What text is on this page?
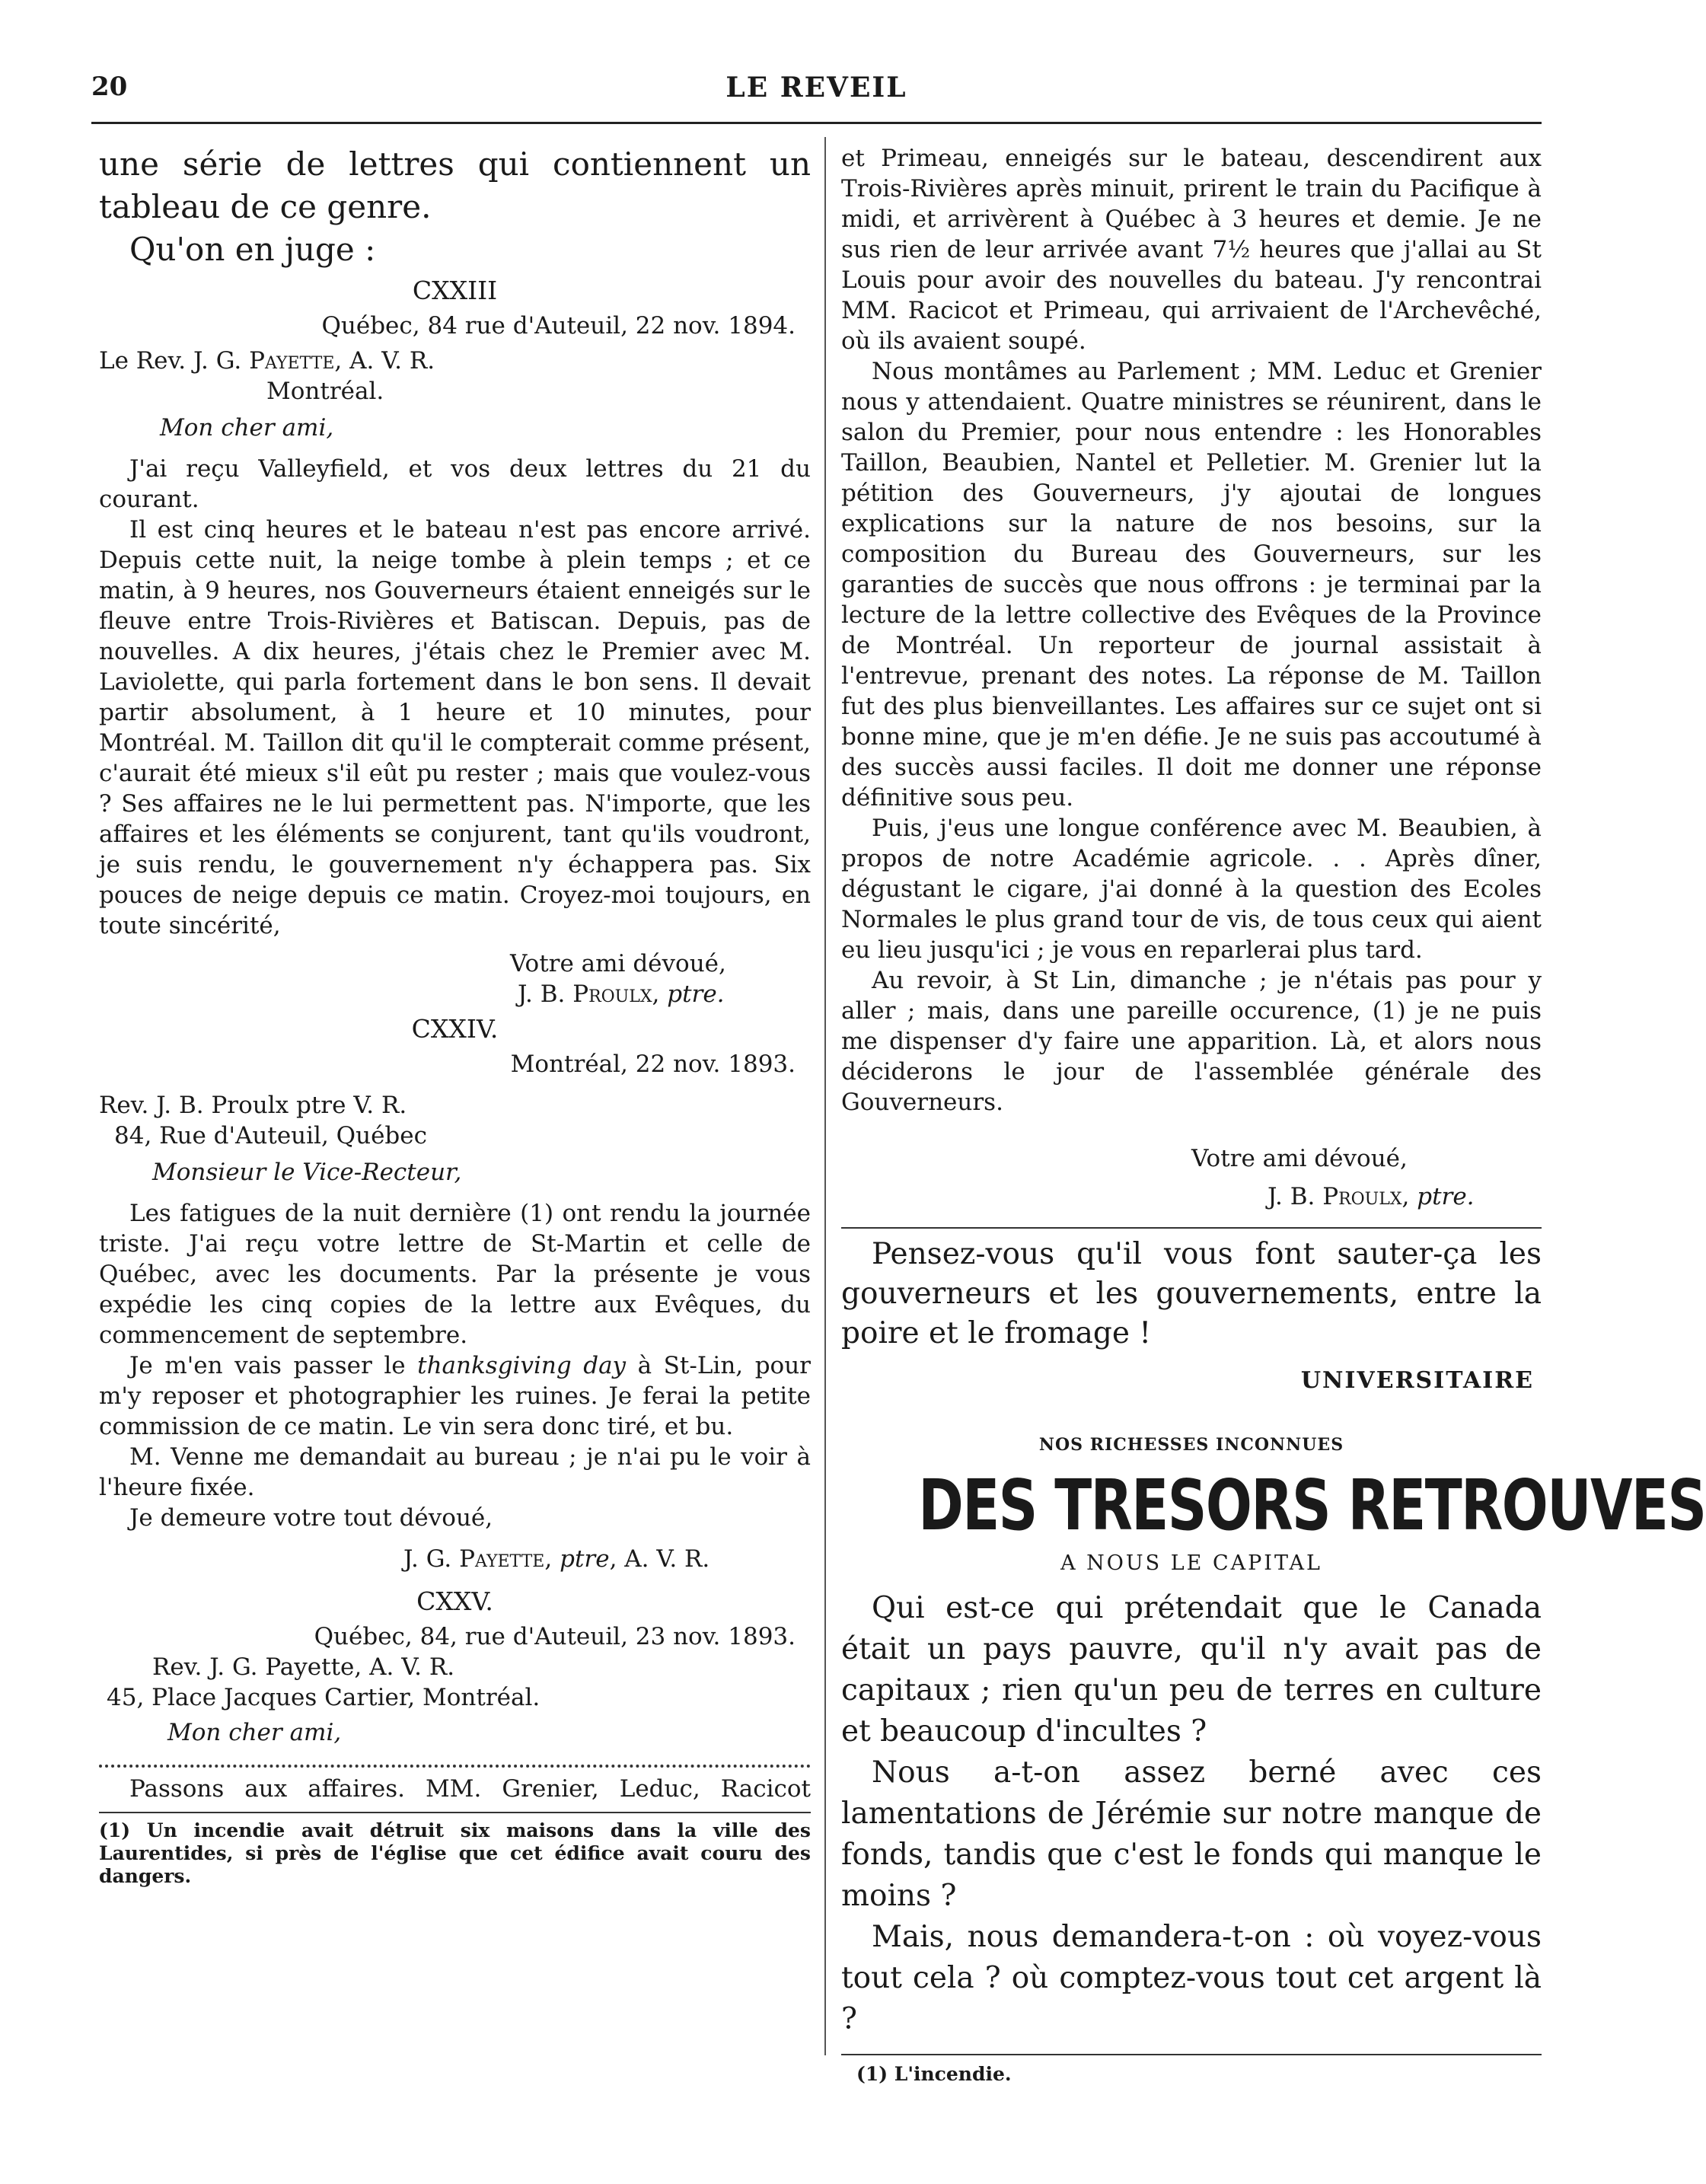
20	LE REVEIL

une série de lettres qui contiennent un tableau de ce genre.

Qu'on en juge :

CXXIII

Québec, 84 rue d'Auteuil, 22 nov. 1894.

Le Rev. J. G. Payette, A. V. R.

Montréal.

Mon cher ami,

J'ai reçu Valleyfield, et vos deux lettres du 21 du courant.

Il est cinq heures et le bateau n'est pas encore arrivé. Depuis cette nuit, la neige tombe à plein temps ; et ce matin, à 9 heures, nos Gouverneurs étaient enneigés sur le fleuve entre Trois-Rivières et Batiscan. Depuis, pas de nouvelles. A dix heures, j'étais chez le Premier avec M. Laviolette, qui parla fortement dans le bon sens. Il devait partir absolument, à 1 heure et 10 minutes, pour Montréal. M. Taillon dit qu'il le compterait comme présent, c'aurait été mieux s'il eût pu rester ; mais que voulez-vous ? Ses affaires ne le lui permettent pas. N'importe, que les affaires et les éléments se conjurent, tant qu'ils voudront, je suis rendu, le gouvernement n'y échappera pas. Six pouces de neige depuis ce matin. Croyez-moi toujours, en toute sincérité,

Votre ami dévoué,

J. B. Proulx, ptre.

CXXIV.

Montréal, 22 nov. 1893.

Rev. J. B. Proulx ptre V. R.

84, Rue d'Auteuil, Québec

Monsieur le Vice-Recteur,

Les fatigues de la nuit dernière (1) ont rendu la journée triste. J'ai reçu votre lettre de St-Martin et celle de Québec, avec les documents. Par la présente je vous expédie les cinq copies de la lettre aux Evêques, du commencement de septembre.

Je m'en vais passer le thanksgiving day à St-Lin, pour m'y reposer et photographier les ruines. Je ferai la petite commission de ce matin. Le vin sera donc tiré, et bu.

M. Venne me demandait au bureau ; je n'ai pu le voir à l'heure fixée.

Je demeure votre tout dévoué,

J. G. Payette, ptre, A. V. R.

CXXV.

Québec, 84, rue d'Auteuil, 23 nov. 1893.

Rev. J. G. Payette, A. V. R.

45, Place Jacques Cartier, Montréal.

Mon cher ami,

Passons aux affaires. MM. Grenier, Leduc, Racicot

(1) Un incendie avait détruit six maisons dans la ville des Laurentides, si près de l'église que cet édifice avait couru des dangers.

et Primeau, enneigés sur le bateau, descendirent aux Trois-Rivières après minuit, prirent le train du Pacifique à midi, et arrivèrent à Québec à 3 heures et demie. Je ne sus rien de leur arrivée avant 7½ heures que j'allai au St Louis pour avoir des nouvelles du bateau. J'y rencontrai MM. Racicot et Primeau, qui arrivaient de l'Archevêché, où ils avaient soupé.

Nous montâmes au Parlement ; MM. Leduc et Grenier nous y attendaient. Quatre ministres se réunirent, dans le salon du Premier, pour nous entendre : les Honorables Taillon, Beaubien, Nantel et Pelletier. M. Grenier lut la pétition des Gouverneurs, j'y ajoutai de longues explications sur la nature de nos besoins, sur la composition du Bureau des Gouverneurs, sur les garanties de succès que nous offrons : je terminai par la lecture de la lettre collective des Evêques de la Province de Montréal. Un reporteur de journal assistait à l'entrevue, prenant des notes. La réponse de M. Taillon fut des plus bienveillantes. Les affaires sur ce sujet ont si bonne mine, que je m'en défie. Je ne suis pas accoutumé à des succès aussi faciles. Il doit me donner une réponse définitive sous peu.

Puis, j'eus une longue conférence avec M. Beaubien, à propos de notre Académie agricole. . . Après dîner, dégustant le cigare, j'ai donné à la question des Ecoles Normales le plus grand tour de vis, de tous ceux qui aient eu lieu jusqu'ici ; je vous en reparlerai plus tard.

Au revoir, à St Lin, dimanche ; je n'étais pas pour y aller ; mais, dans une pareille occurence, (1) je ne puis me dispenser d'y faire une apparition. Là, et alors nous déciderons le jour de l'assemblée générale des Gouverneurs.

Votre ami dévoué,

J. B. Proulx, ptre.

Pensez-vous qu'il vous font sauter-ça les gouverneurs et les gouvernements, entre la poire et le fromage !

UNIVERSITAIRE

NOS RICHESSES INCONNUES

DES TRESORS RETROUVES

A NOUS LE CAPITAL

Qui est-ce qui prétendait que le Canada était un pays pauvre, qu'il n'y avait pas de capitaux ; rien qu'un peu de terres en culture et beaucoup d'incultes ?

Nous a-t-on assez berné avec ces lamentations de Jérémie sur notre manque de fonds, tandis que c'est le fonds qui manque le moins ?

Mais, nous demandera-t-on : où voyez-vous tout cela ? où comptez-vous tout cet argent là ?

(1) L'incendie.
